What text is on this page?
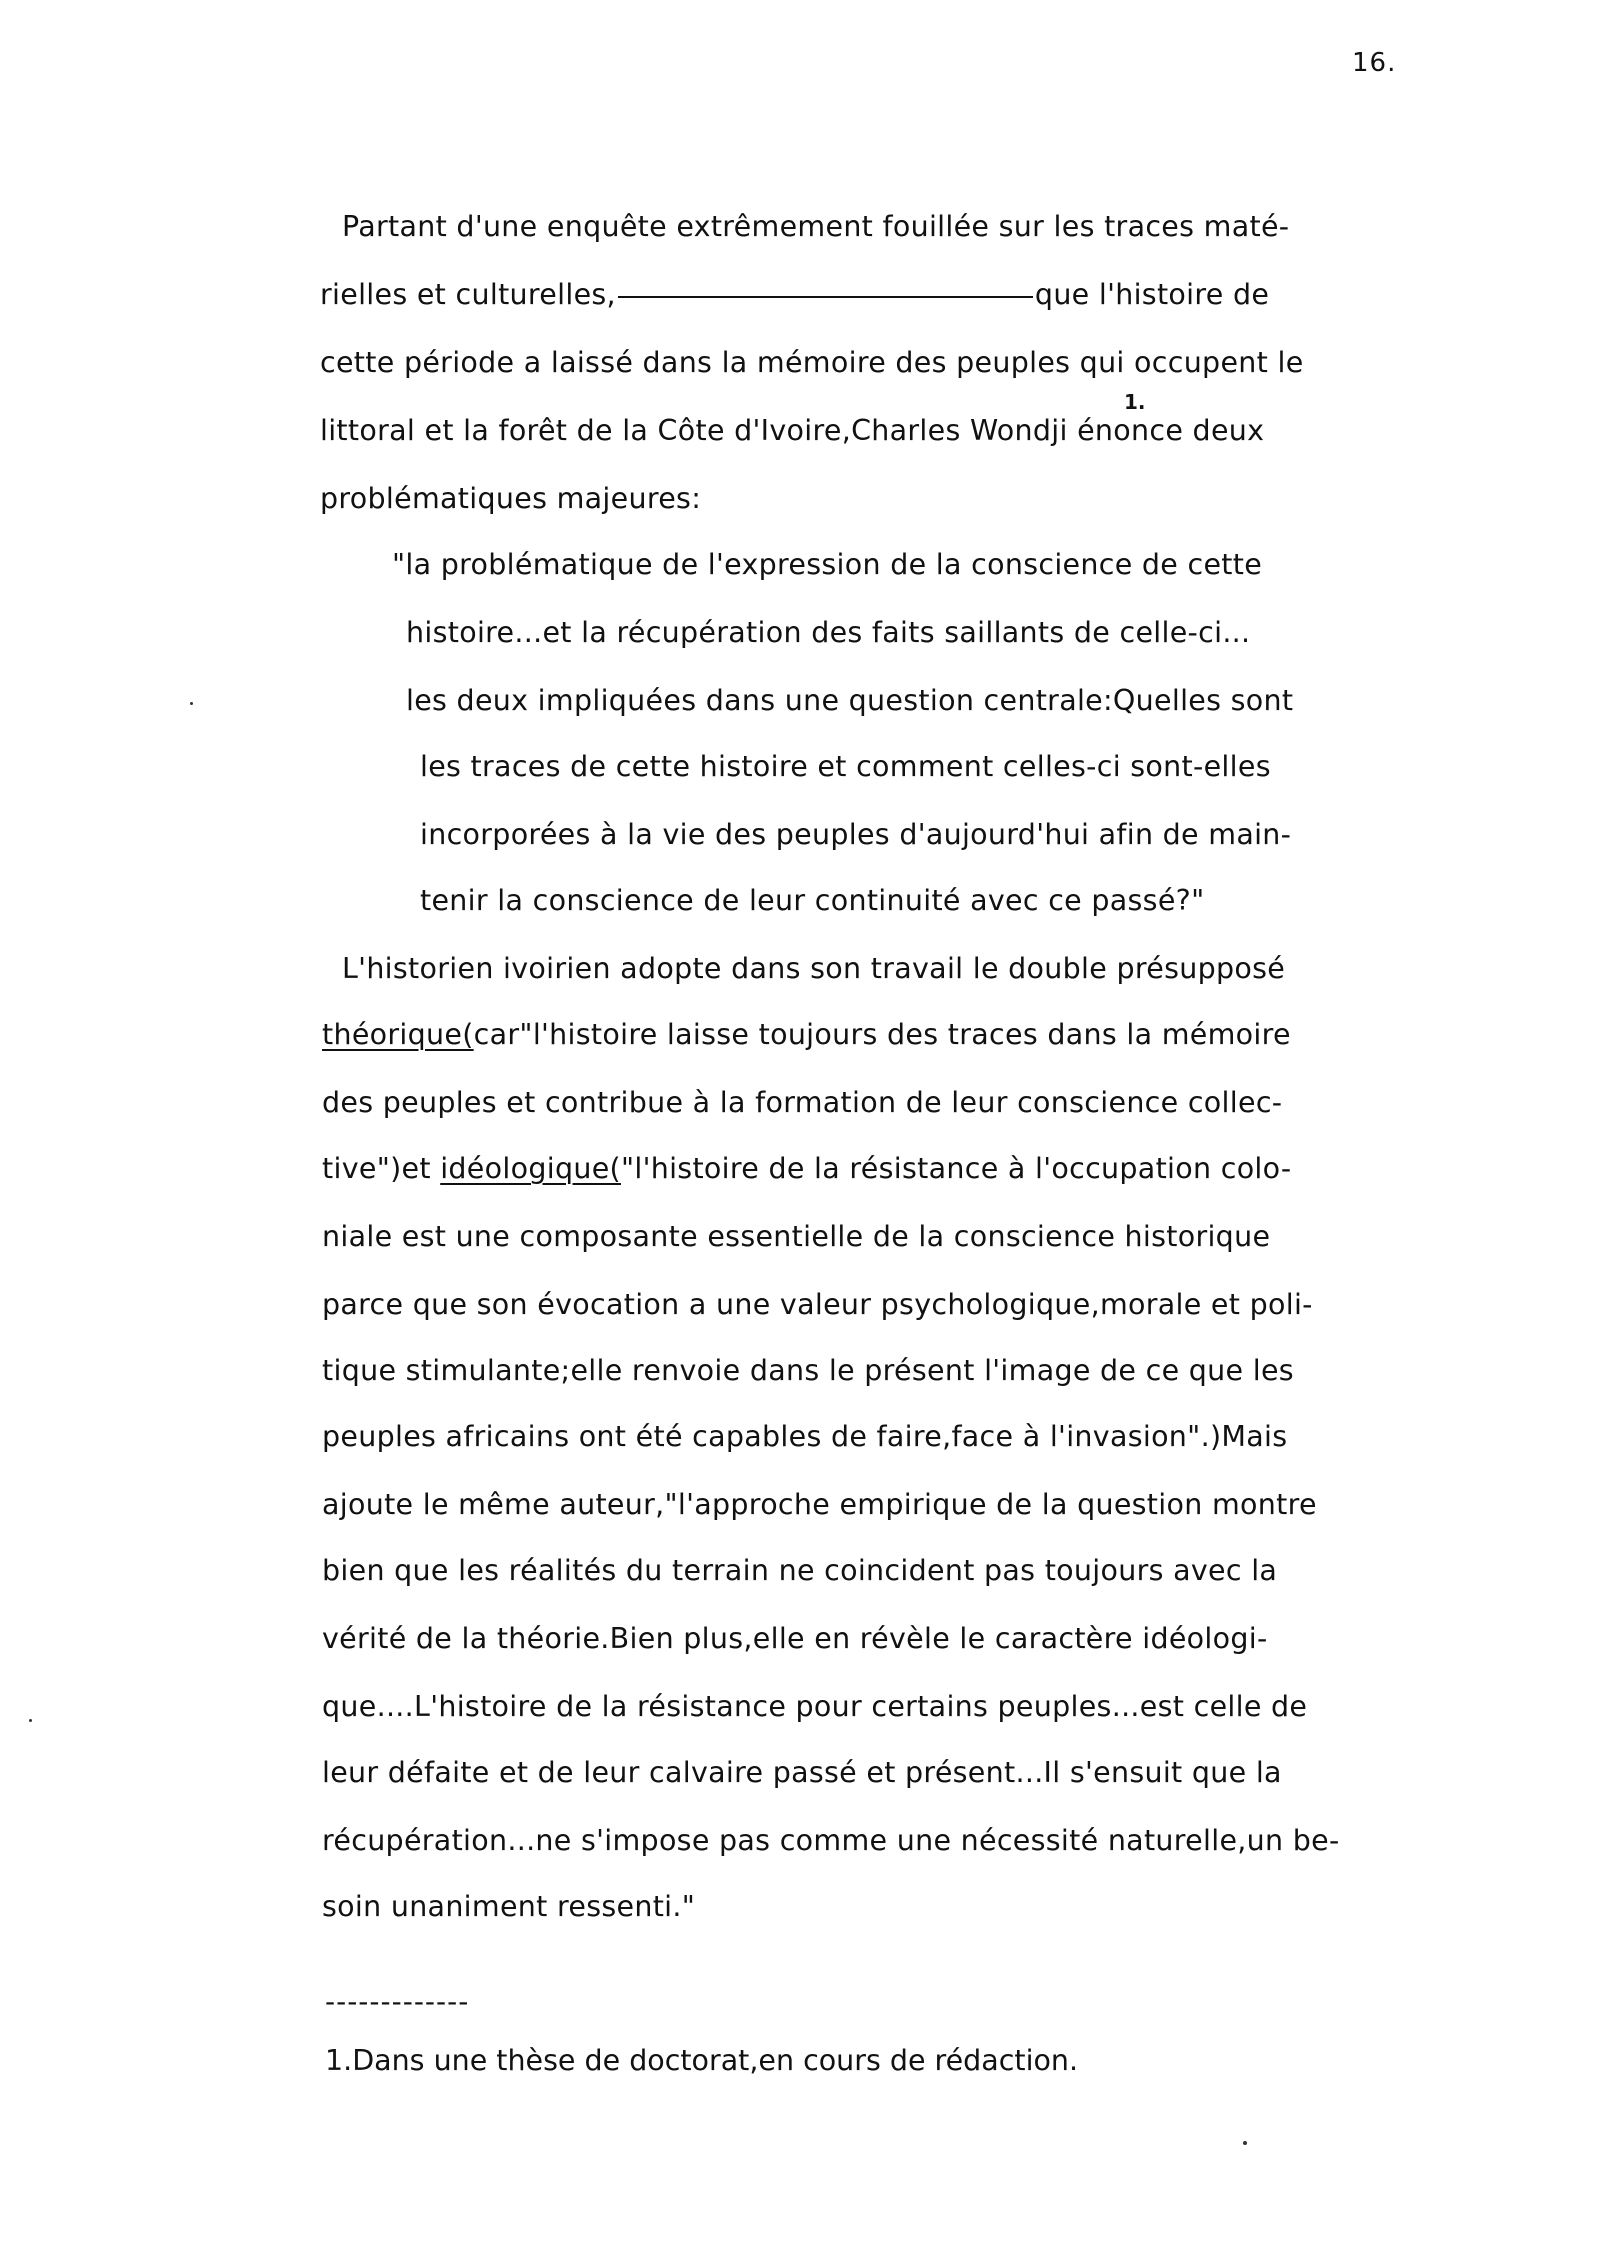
16.
Partant d'une enquête extrêmement fouillée sur les traces maté-
rielles et culturelles,	que l'histoire de
cette période a laissé dans la mémoire des peuples qui occupent le
littoral et la forêt de la Côte d'Ivoire,Charles Wondji énonce deux
1.
problématiques majeures:
"la problématique de l'expression de la conscience de cette
histoire...et la récupération des faits saillants de celle-ci...
les deux impliquées dans une question centrale:Quelles sont
les traces de cette histoire et comment celles-ci sont-elles
incorporées à la vie des peuples d'aujourd'hui afin de main-
tenir la conscience de leur continuité avec ce passé?"
L'historien ivoirien adopte dans son travail le double présupposé
théorique(car"l'histoire laisse toujours des traces dans la mémoire
des peuples et contribue à la formation de leur conscience collec-
tive")et idéologique("l'histoire de la résistance à l'occupation colo-
niale est une composante essentielle de la conscience historique
parce que son évocation a une valeur psychologique,morale et poli-
tique stimulante;elle renvoie dans le présent l'image de ce que les
peuples africains ont été capables de faire,face à l'invasion".)Mais
ajoute le même auteur,"l'approche empirique de la question montre
bien que les réalités du terrain ne coincident pas toujours avec la
vérité de la théorie.Bien plus,elle en révèle le caractère idéologi-
que....L'histoire de la résistance pour certains peuples...est celle de
leur défaite et de leur calvaire passé et présent...Il s'ensuit que la
récupération...ne s'impose pas comme une nécessité naturelle,un be-
soin unaniment ressenti."
-------------
1.Dans une thèse de doctorat,en cours de rédaction.
